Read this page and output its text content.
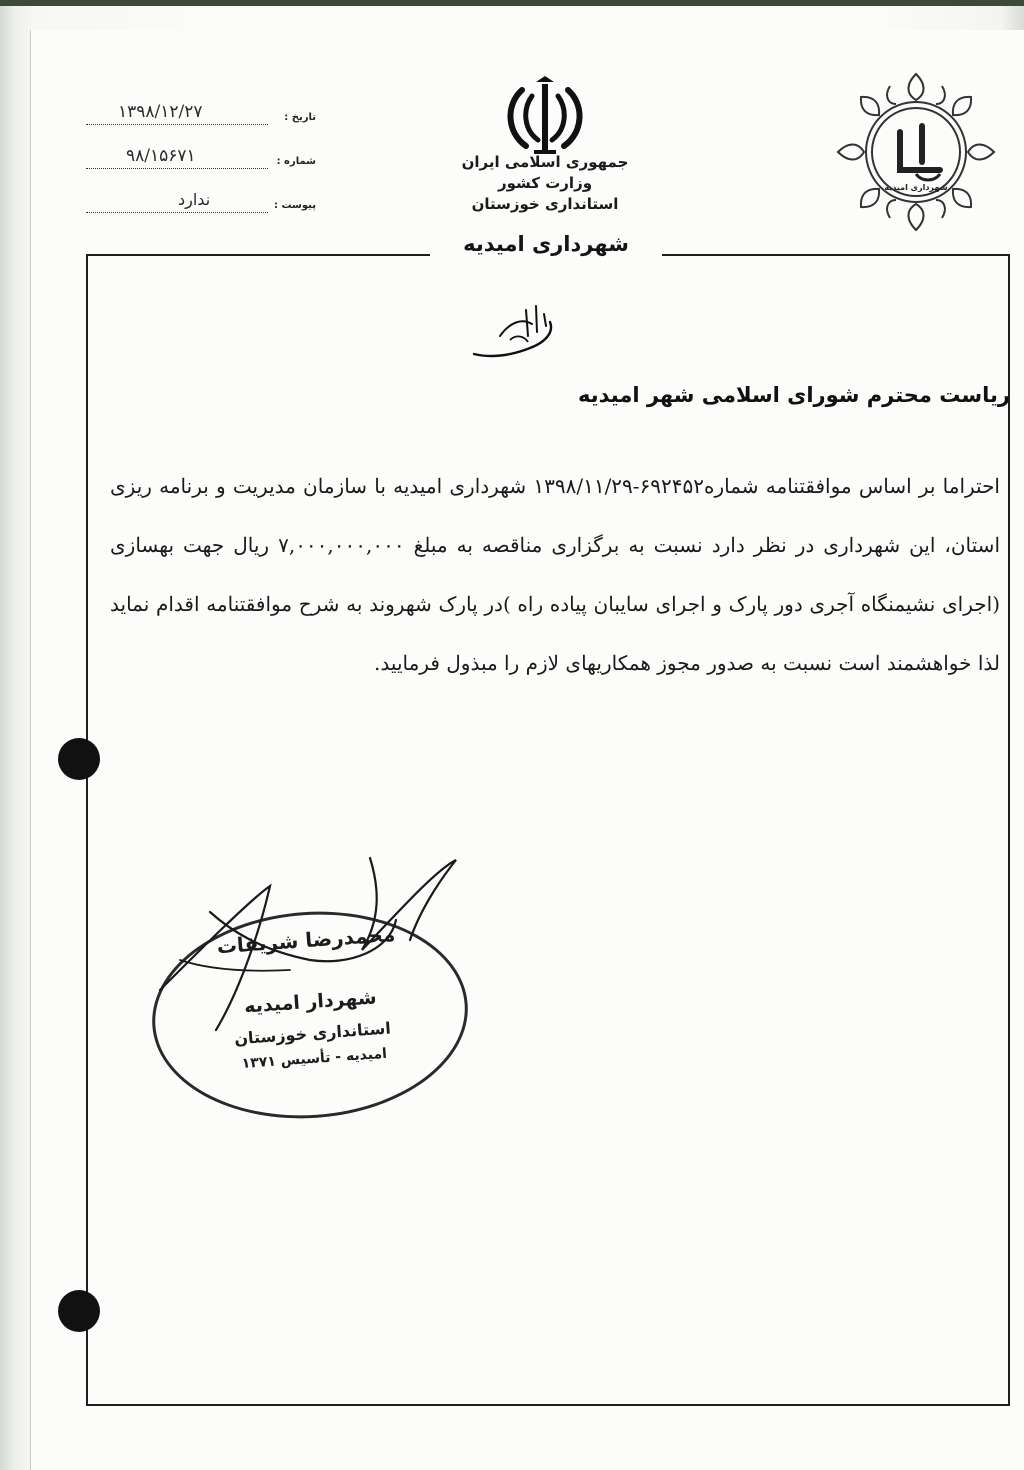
جمهوری اسلامی ایران
وزارت کشور
استانداری خوزستان
شهرداری امیدیه
۱۳۹۸/۱۲/۲۷	تاریخ :
۹۸/۱۵۶۷۱	شماره :
ندارد	پیوست :
شهرداری امیدیه
بسمه تعالی
ریاست محترم شورای اسلامی شهر امیدیه
احتراما بر اساس موافقتنامه شماره۶۹۲۴۵۲-۱۳۹۸/۱۱/۲۹ شهرداری امیدیه با سازمان مدیریت و برنامه ریزی استان، این شهرداری در نظر دارد نسبت به برگزاری مناقصه به مبلغ ۷,۰۰۰,۰۰۰,۰۰۰ ریال جهت بهسازی (اجرای نشیمنگاه آجری دور پارک و اجرای سایبان پیاده راه )در پارک شهروند به شرح موافقتنامه اقدام نماید لذا خواهشمند است نسبت به صدور مجوز همکاریهای لازم را مبذول فرمایید.
محمدرضا شریفات
شهردار امیدیه
استانداری خوزستان
امیدیه - تأسیس ۱۳۷۱
